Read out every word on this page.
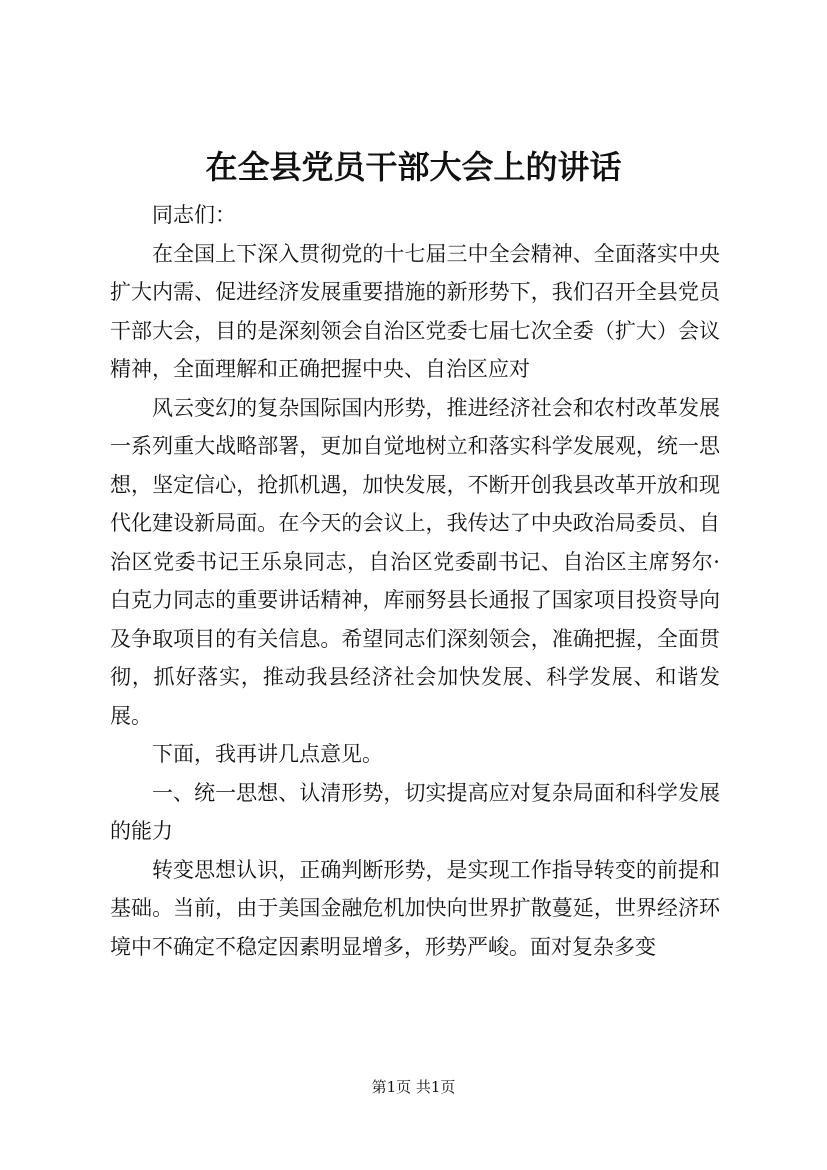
在全县党员干部大会上的讲话

同志们：

在全国上下深入贯彻党的十七届三中全会精神、全面落实中央扩大内需、促进经济发展重要措施的新形势下，我们召开全县党员干部大会，目的是深刻领会自治区党委七届七次全委（扩大）会议精神，全面理解和正确把握中央、自治区应对

风云变幻的复杂国际国内形势，推进经济社会和农村改革发展一系列重大战略部署，更加自觉地树立和落实科学发展观，统一思想，坚定信心，抢抓机遇，加快发展，不断开创我县改革开放和现代化建设新局面。在今天的会议上，我传达了中央政治局委员、自治区党委书记王乐泉同志，自治区党委副书记、自治区主席努尔·白克力同志的重要讲话精神，库丽努县长通报了国家项目投资导向及争取项目的有关信息。希望同志们深刻领会，准确把握，全面贯彻，抓好落实，推动我县经济社会加快发展、科学发展、和谐发展。

下面，我再讲几点意见。

一、统一思想、认清形势，切实提高应对复杂局面和科学发展的能力

转变思想认识，正确判断形势，是实现工作指导转变的前提和基础。当前，由于美国金融危机加快向世界扩散蔓延，世界经济环境中不确定不稳定因素明显增多，形势严峻。面对复杂多变

第1页 共1页
